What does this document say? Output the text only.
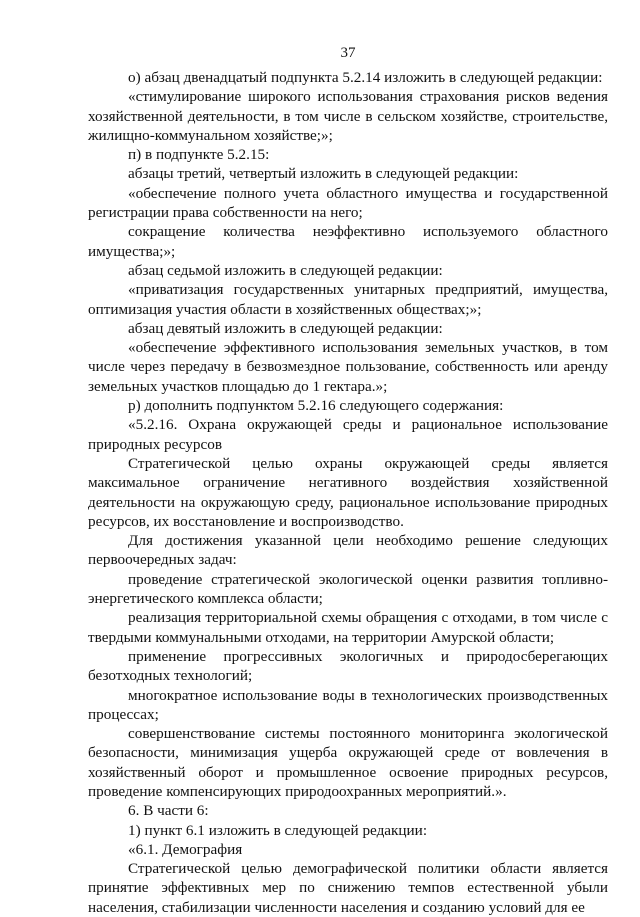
37

о) абзац двенадцатый подпункта 5.2.14 изложить в следующей редакции:

«стимулирование широкого использования страхования рисков ведения хозяйственной деятельности, в том числе в сельском хозяйстве, строительстве, жилищно-коммунальном хозяйстве;»;

п) в подпункте 5.2.15:

абзацы третий, четвертый изложить в следующей редакции:

«обеспечение полного учета областного имущества и государственной регистрации права собственности на него;

сокращение количества неэффективно используемого областного имущества;»;

абзац седьмой изложить в следующей редакции:

«приватизация государственных унитарных предприятий, имущества, оптимизация участия области в хозяйственных обществах;»;

абзац девятый изложить в следующей редакции:

«обеспечение эффективного использования земельных участков, в том числе через передачу в безвозмездное пользование, собственность или аренду земельных участков площадью до 1 гектара.»;

р) дополнить подпунктом 5.2.16 следующего содержания:

«5.2.16. Охрана окружающей среды и рациональное использование природных ресурсов

Стратегической целью охраны окружающей среды является максимальное ограничение негативного воздействия хозяйственной деятельности на окружающую среду, рациональное использование природных ресурсов, их восстановление и воспроизводство.

Для достижения указанной цели необходимо решение следующих первоочередных задач:

проведение стратегической экологической оценки развития топливно-энергетического комплекса области;

реализация территориальной схемы обращения с отходами, в том числе с твердыми коммунальными отходами, на территории Амурской области;

применение прогрессивных экологичных и природосберегающих безотходных технологий;

многократное использование воды в технологических производственных процессах;

совершенствование системы постоянного мониторинга экологической безопасности, минимизация ущерба окружающей среде от вовлечения в хозяйственный оборот и промышленное освоение природных ресурсов, проведение компенсирующих природоохранных мероприятий.».

6. В части 6:

1) пункт 6.1 изложить в следующей редакции:

«6.1. Демография

Стратегической целью демографической политики области является принятие эффективных мер по снижению темпов естественной убыли населения, стабилизации численности населения и созданию условий для ее
